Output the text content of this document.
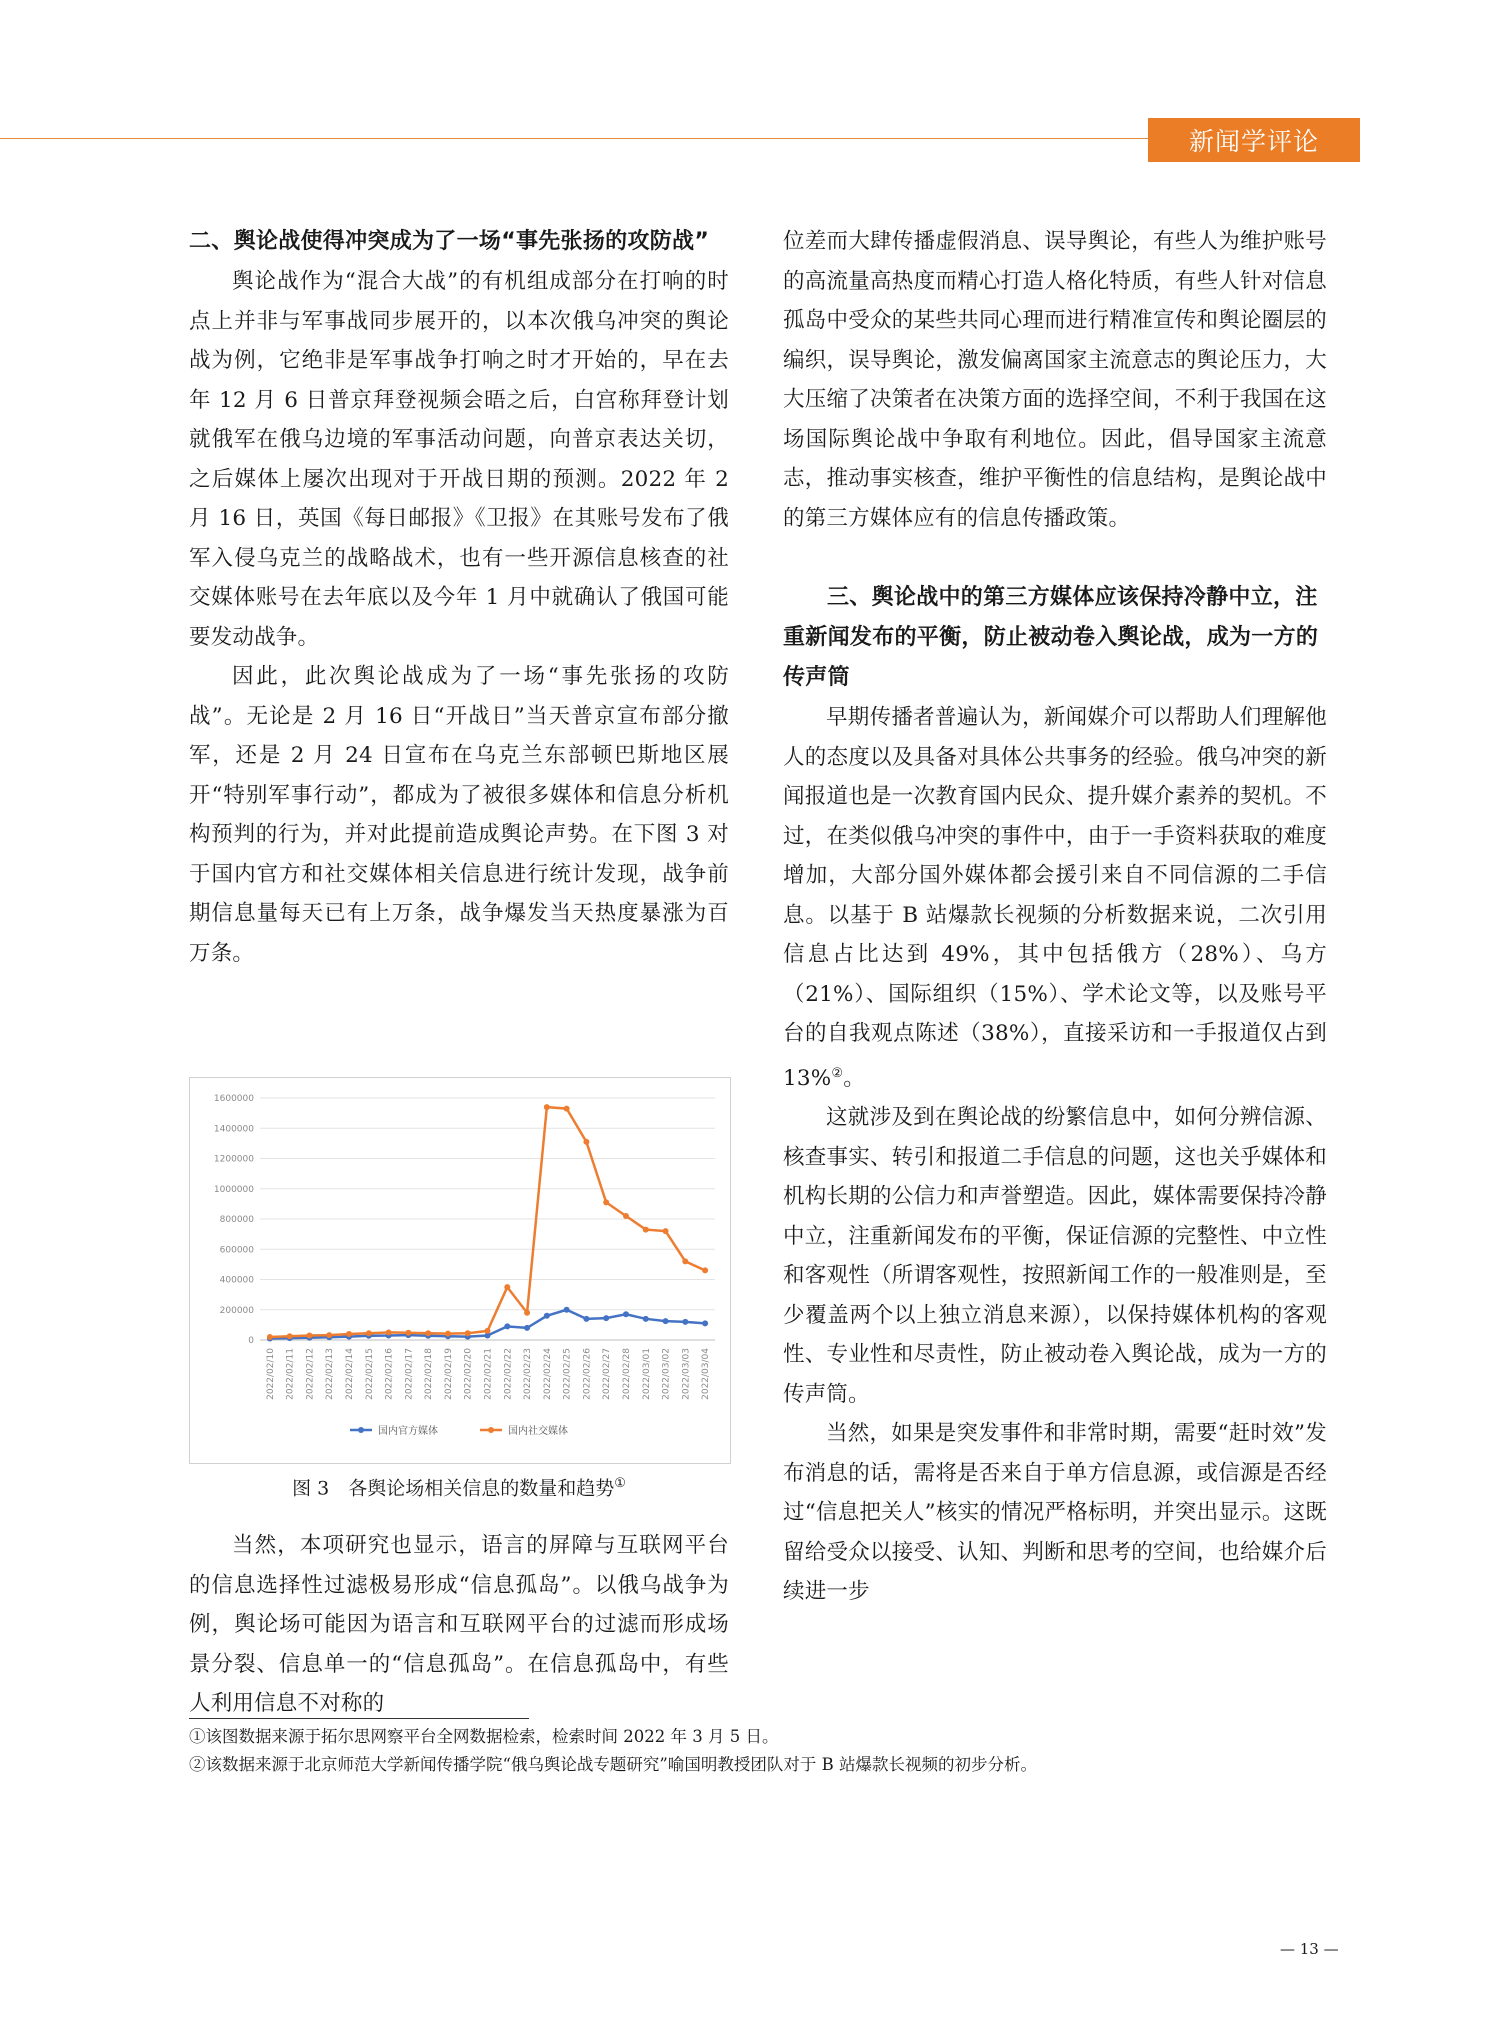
新闻学评论

二、舆论战使得冲突成为了一场“事先张扬的攻防战”

舆论战作为“混合大战”的有机组成部分在打响的时点上并非与军事战同步展开的，以本次俄乌冲突的舆论战为例，它绝非是军事战争打响之时才开始的，早在去年 12 月 6 日普京拜登视频会晤之后，白宫称拜登计划就俄军在俄乌边境的军事活动问题，向普京表达关切，之后媒体上屡次出现对于开战日期的预测。2022 年 2 月 16 日，英国《每日邮报》《卫报》在其账号发布了俄军入侵乌克兰的战略战术，也有一些开源信息核查的社交媒体账号在去年底以及今年 1 月中就确认了俄国可能要发动战争。

因此，此次舆论战成为了一场“事先张扬的攻防战”。无论是 2 月 16 日“开战日”当天普京宣布部分撤军，还是 2 月 24 日宣布在乌克兰东部顿巴斯地区展开“特别军事行动”，都成为了被很多媒体和信息分析机构预判的行为，并对此提前造成舆论声势。在下图 3 对于国内官方和社交媒体相关信息进行统计发现，战争前期信息量每天已有上万条，战争爆发当天热度暴涨为百万条。

1600000
1400000
1200000
1000000
800000
600000
400000
200000
0
2022/02/10 2022/02/11 2022/02/12 2022/02/13 2022/02/14 2022/02/15 2022/02/16 2022/02/17 2022/02/18 2022/02/19 2022/02/20 2022/02/21 2022/02/22 2022/02/23 2022/02/24 2022/02/25 2022/02/26 2022/02/27 2022/02/28 2022/03/01 2022/03/02 2022/03/03 2022/03/04
国内官方媒体	国内社交媒体
图 3　各舆论场相关信息的数量和趋势①

当然，本项研究也显示，语言的屏障与互联网平台的信息选择性过滤极易形成“信息孤岛”。以俄乌战争为例，舆论场可能因为语言和互联网平台的过滤而形成场景分裂、信息单一的“信息孤岛”。在信息孤岛中，有些人利用信息不对称的

位差而大肆传播虚假消息、误导舆论，有些人为维护账号的高流量高热度而精心打造人格化特质，有些人针对信息孤岛中受众的某些共同心理而进行精准宣传和舆论圈层的编织，误导舆论，激发偏离国家主流意志的舆论压力，大大压缩了决策者在决策方面的选择空间，不利于我国在这场国际舆论战中争取有利地位。因此，倡导国家主流意志，推动事实核查，维护平衡性的信息结构，是舆论战中的第三方媒体应有的信息传播政策。

三、舆论战中的第三方媒体应该保持冷静中立，注重新闻发布的平衡，防止被动卷入舆论战，成为一方的传声筒

早期传播者普遍认为，新闻媒介可以帮助人们理解他人的态度以及具备对具体公共事务的经验。俄乌冲突的新闻报道也是一次教育国内民众、提升媒介素养的契机。不过，在类似俄乌冲突的事件中，由于一手资料获取的难度增加，大部分国外媒体都会援引来自不同信源的二手信息。以基于 B 站爆款长视频的分析数据来说，二次引用信息占比达到 49%，其中包括俄方（28%）、乌方（21%）、国际组织（15%）、学术论文等，以及账号平台的自我观点陈述（38%），直接采访和一手报道仅占到 13%②。

这就涉及到在舆论战的纷繁信息中，如何分辨信源、核查事实、转引和报道二手信息的问题，这也关乎媒体和机构长期的公信力和声誉塑造。因此，媒体需要保持冷静中立，注重新闻发布的平衡，保证信源的完整性、中立性和客观性（所谓客观性，按照新闻工作的一般准则是，至少覆盖两个以上独立消息来源），以保持媒体机构的客观性、专业性和尽责性，防止被动卷入舆论战，成为一方的传声筒。

当然，如果是突发事件和非常时期，需要“赶时效”发布消息的话，需将是否来自于单方信息源，或信源是否经过“信息把关人”核实的情况严格标明，并突出显示。这既留给受众以接受、认知、判断和思考的空间，也给媒介后续进一步

①该图数据来源于拓尔思网察平台全网数据检索，检索时间 2022 年 3 月 5 日。
②该数据来源于北京师范大学新闻传播学院“俄乌舆论战专题研究”喻国明教授团队对于 B 站爆款长视频的初步分析。
— 13 —
